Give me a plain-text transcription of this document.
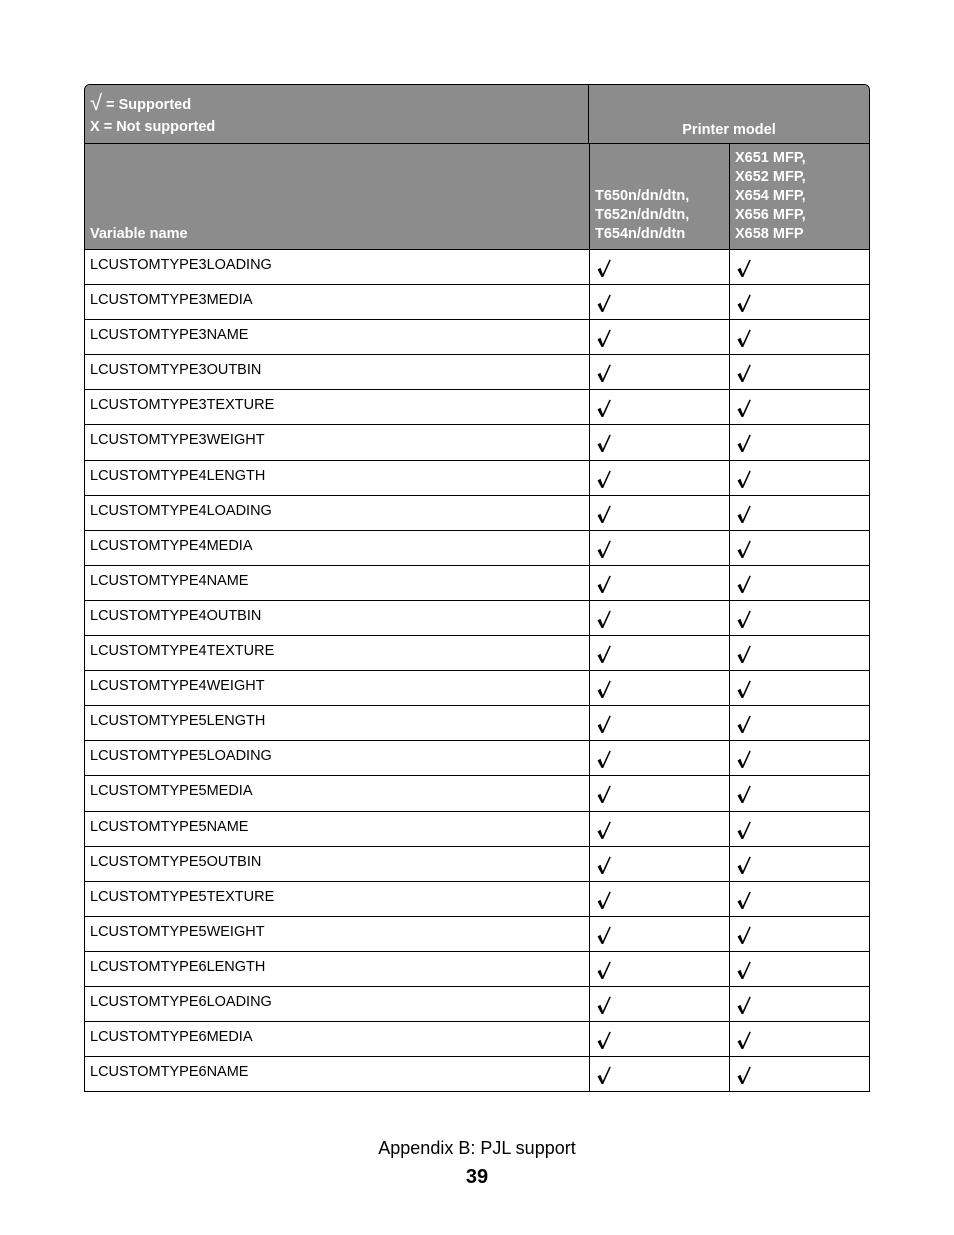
√ = Supported
X = Not supported	Printer model
Variable name
T650n/dn/dtn,
T652n/dn/dtn,
T654n/dn/dtn
X651 MFP,
X652 MFP,
X654 MFP,
X656 MFP,
X658 MFP
LCUSTOMTYPE3LOADING
LCUSTOMTYPE3MEDIA
LCUSTOMTYPE3NAME
LCUSTOMTYPE3OUTBIN
LCUSTOMTYPE3TEXTURE
LCUSTOMTYPE3WEIGHT
LCUSTOMTYPE4LENGTH
LCUSTOMTYPE4LOADING
LCUSTOMTYPE4MEDIA
LCUSTOMTYPE4NAME
LCUSTOMTYPE4OUTBIN
LCUSTOMTYPE4TEXTURE
LCUSTOMTYPE4WEIGHT
LCUSTOMTYPE5LENGTH
LCUSTOMTYPE5LOADING
LCUSTOMTYPE5MEDIA
LCUSTOMTYPE5NAME
LCUSTOMTYPE5OUTBIN
LCUSTOMTYPE5TEXTURE
LCUSTOMTYPE5WEIGHT
LCUSTOMTYPE6LENGTH
LCUSTOMTYPE6LOADING
LCUSTOMTYPE6MEDIA
LCUSTOMTYPE6NAME
Appendix B: PJL support
39
